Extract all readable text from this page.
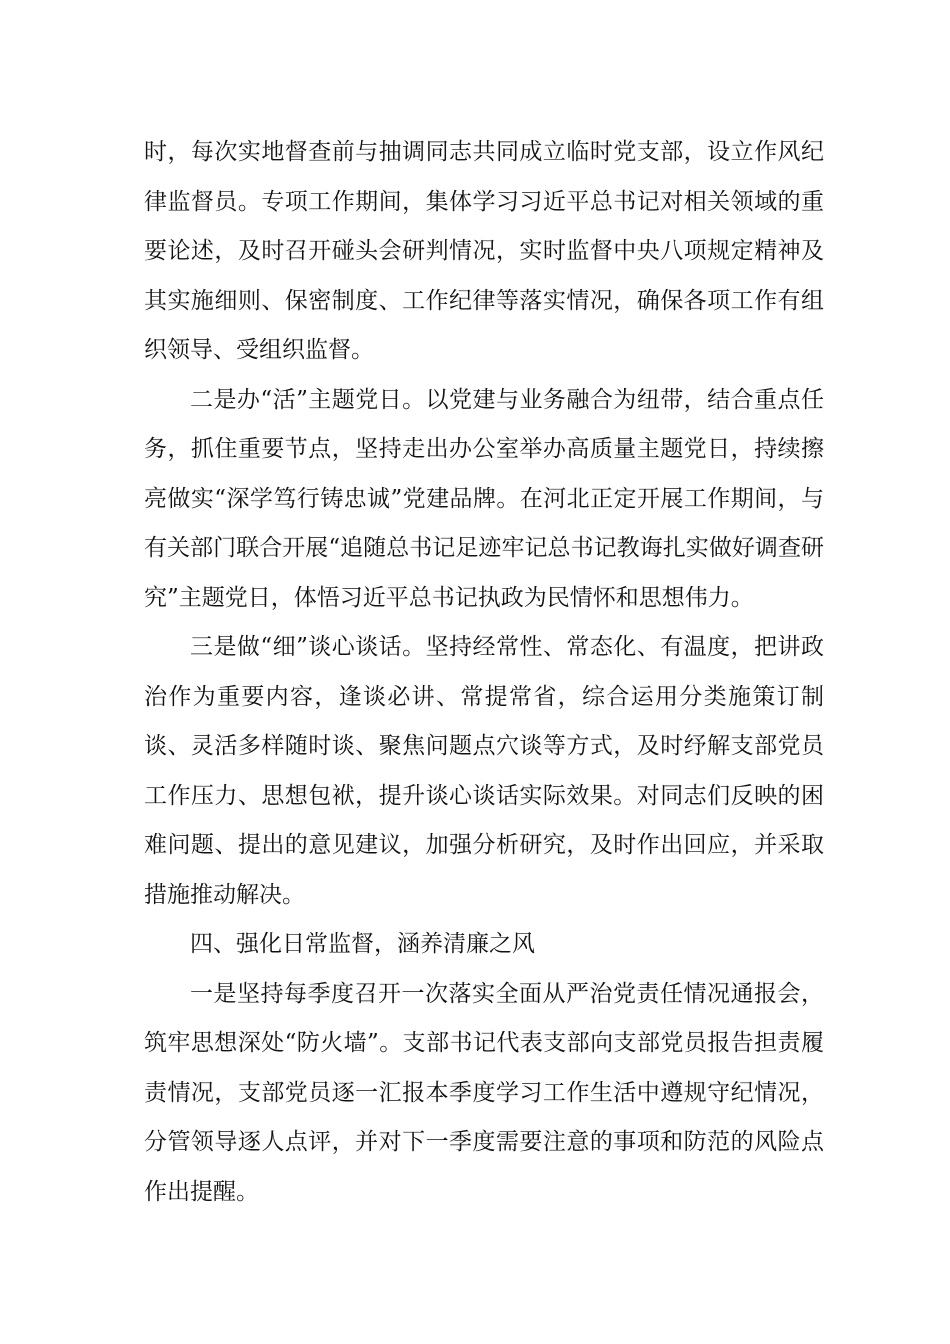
时，每次实地督查前与抽调同志共同成立临时党支部，设立作风纪律监督员。专项工作期间，集体学习习近平总书记对相关领域的重要论述，及时召开碰头会研判情况，实时监督中央八项规定精神及其实施细则、保密制度、工作纪律等落实情况，确保各项工作有组织领导、受组织监督。

二是办“活”主题党日。以党建与业务融合为纽带，结合重点任务，抓住重要节点，坚持走出办公室举办高质量主题党日，持续擦亮做实“深学笃行铸忠诚”党建品牌。在河北正定开展工作期间，与有关部门联合开展“追随总书记足迹牢记总书记教诲扎实做好调查研究”主题党日，体悟习近平总书记执政为民情怀和思想伟力。

三是做“细”谈心谈话。坚持经常性、常态化、有温度，把讲政治作为重要内容，逢谈必讲、常提常省，综合运用分类施策订制谈、灵活多样随时谈、聚焦问题点穴谈等方式，及时纾解支部党员工作压力、思想包袱，提升谈心谈话实际效果。对同志们反映的困难问题、提出的意见建议，加强分析研究，及时作出回应，并采取措施推动解决。

四、强化日常监督，涵养清廉之风

一是坚持每季度召开一次落实全面从严治党责任情况通报会，筑牢思想深处“防火墙”。支部书记代表支部向支部党员报告担责履责情况，支部党员逐一汇报本季度学习工作生活中遵规守纪情况，分管领导逐人点评，并对下一季度需要注意的事项和防范的风险点作出提醒。
